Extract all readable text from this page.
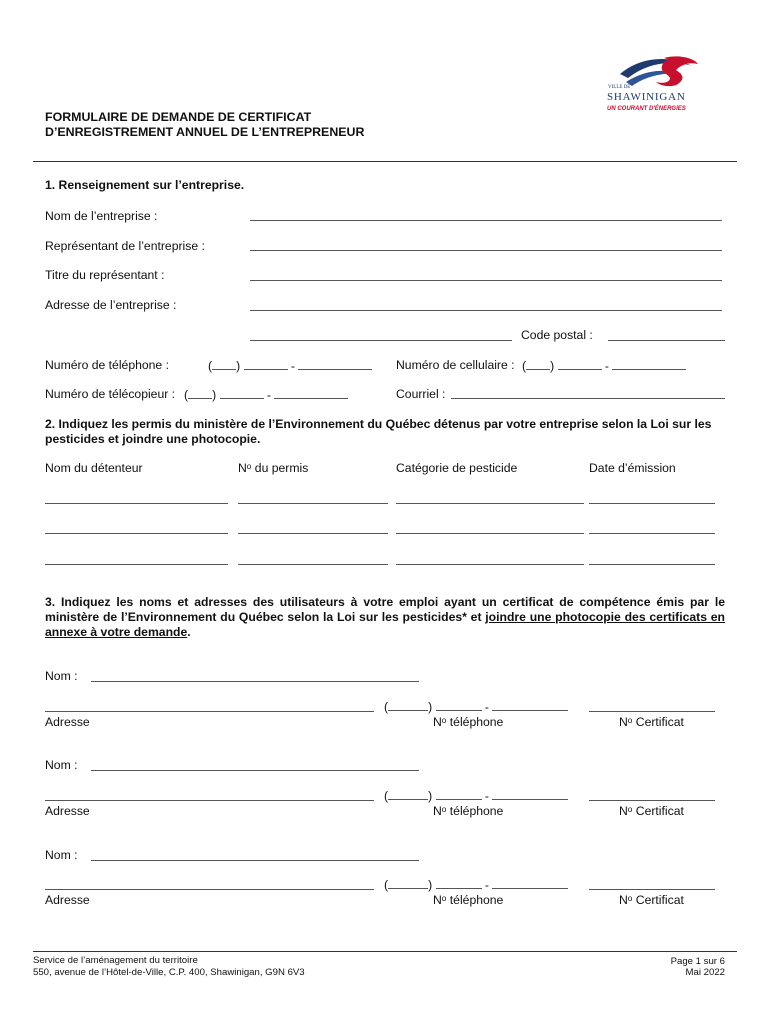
VILLE DE
SHAWINIGAN
UN COURANT D'ÉNERGIES
FORMULAIRE DE DEMANDE DE CERTIFICAT
D’ENREGISTREMENT ANNUEL DE L’ENTREPRENEUR
1. Renseignement sur l’entreprise.
Nom de l’entreprise :
Représentant de l’entreprise :
Titre du représentant :
Adresse de l’entreprise :
Code postal :
Numéro de téléphone :	( )	-	Numéro de cellulaire : ( )	-
Numéro de télécopieur : ( )	-	Courriel :
2. Indiquez les permis du ministère de l’Environnement du Québec détenus par votre entreprise selon la Loi sur les pesticides et joindre une photocopie.
Nom du détenteur	Nᵒ du permis	Catégorie de pesticide	Date d’émission
3. Indiquez les noms et adresses des utilisateurs à votre emploi ayant un certificat de compétence émis par le ministère de l’Environnement du Québec selon la Loi sur les pesticides* et joindre une photocopie des certificats en annexe à votre demande.
Nom :
(	)	-
Adresse	Nᵒ téléphone	Nᵒ Certificat
Nom :
(	)	-
Adresse	Nᵒ téléphone	Nᵒ Certificat
Nom :
(	)	-
Adresse	Nᵒ téléphone	Nᵒ Certificat
Service de l’aménagement du territoire
550, avenue de l’Hôtel-de-Ville, C.P. 400, Shawinigan, G9N 6V3
Page 1 sur 6
Mai 2022
